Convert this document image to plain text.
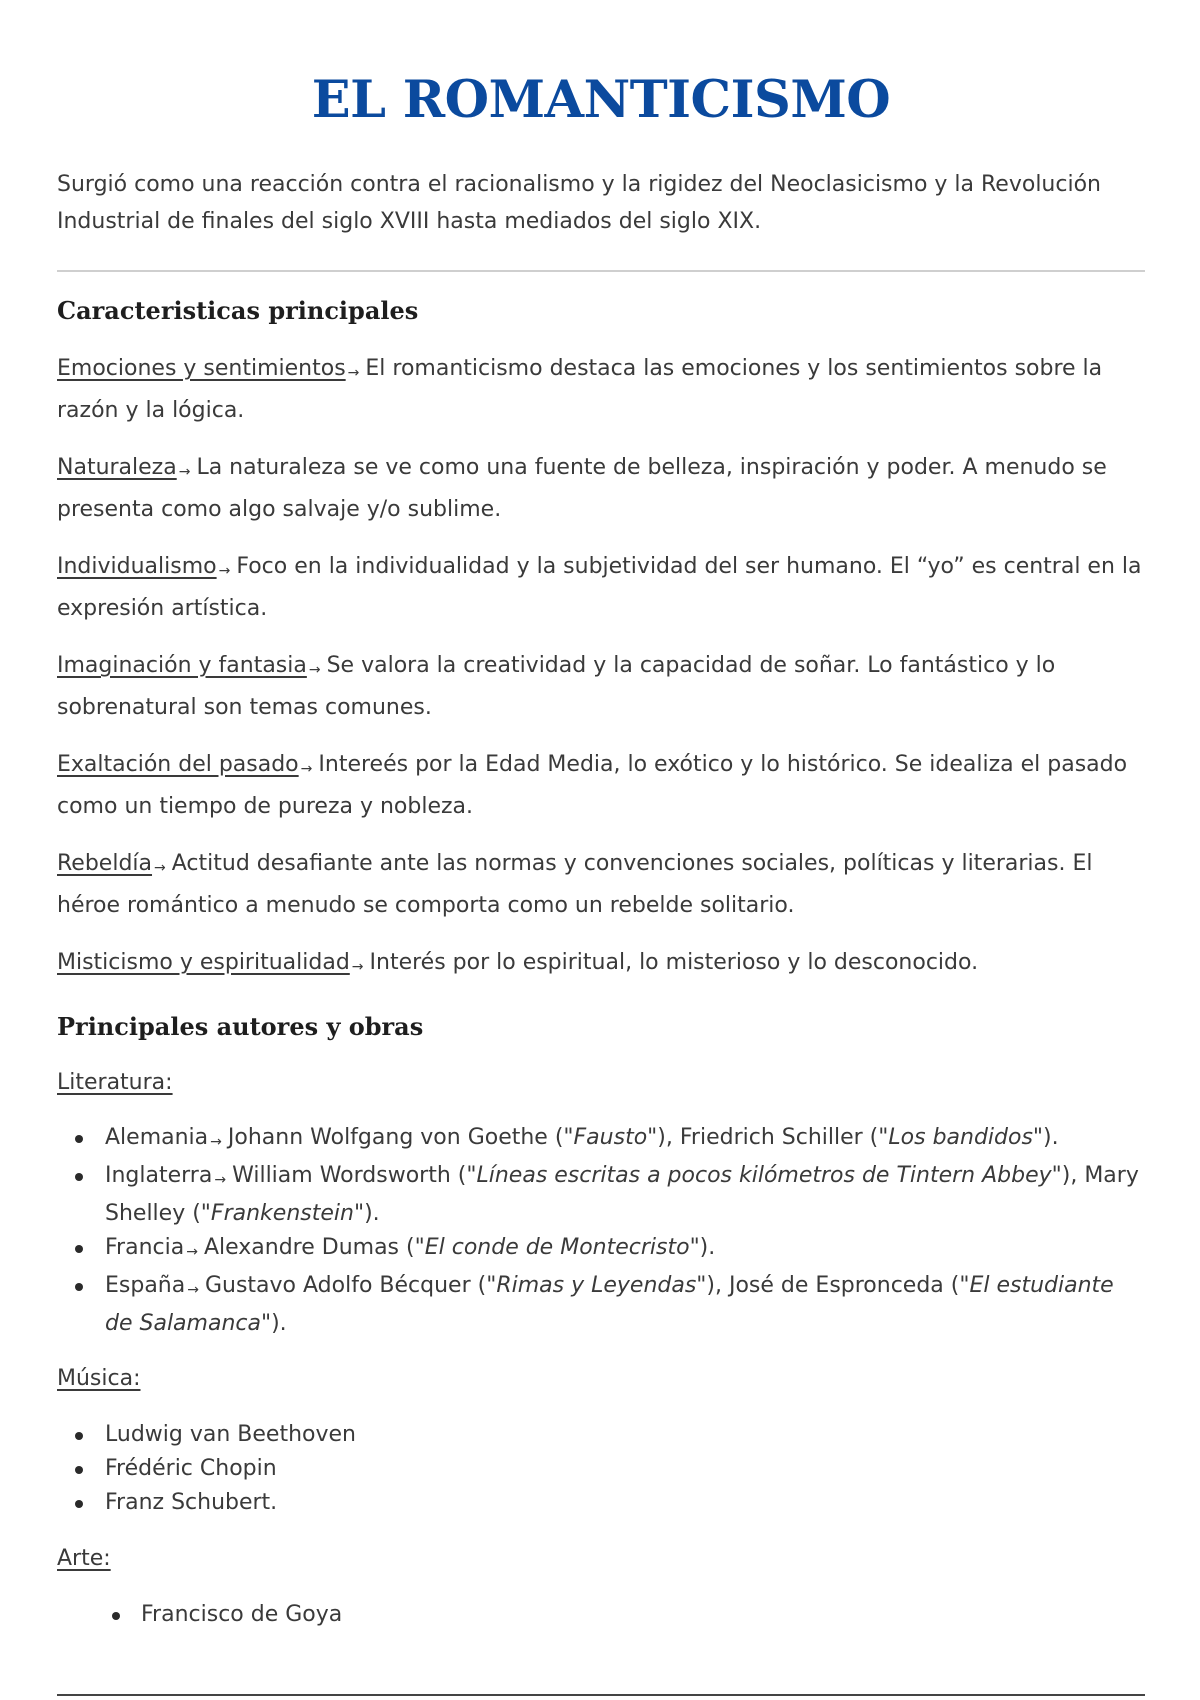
EL ROMANTICISMO

Surgió como una reacción contra el racionalismo y la rigidez del Neoclasicismo y la Revolución Industrial de finales del siglo XVIII hasta mediados del siglo XIX.

Caracteristicas principales

Emociones y sentimientos → El romanticismo destaca las emociones y los sentimientos sobre la razón y la lógica.

Naturaleza → La naturaleza se ve como una fuente de belleza, inspiración y poder. A menudo se presenta como algo salvaje y/o sublime.

Individualismo → Foco en la individualidad y la subjetividad del ser humano. El “yo” es central en la expresión artística.

Imaginación y fantasia → Se valora la creatividad y la capacidad de soñar. Lo fantástico y lo sobrenatural son temas comunes.

Exaltación del pasado → Intereés por la Edad Media, lo exótico y lo histórico. Se idealiza el pasado como un tiempo de pureza y nobleza.

Rebeldía → Actitud desafiante ante las normas y convenciones sociales, políticas y literarias. El héroe romántico a menudo se comporta como un rebelde solitario.

Misticismo y espiritualidad → Interés por lo espiritual, lo misterioso y lo desconocido.

Principales autores y obras

Literatura:

Alemania → Johann Wolfgang von Goethe ("Fausto"), Friedrich Schiller ("Los bandidos").
Inglaterra → William Wordsworth ("Líneas escritas a pocos kilómetros de Tintern Abbey"), Mary Shelley ("Frankenstein").
Francia → Alexandre Dumas ("El conde de Montecristo").
España → Gustavo Adolfo Bécquer ("Rimas y Leyendas"), José de Espronceda ("El estudiante de Salamanca").

Música:

Ludwig van Beethoven
Frédéric Chopin
Franz Schubert.

Arte:

Francisco de Goya
